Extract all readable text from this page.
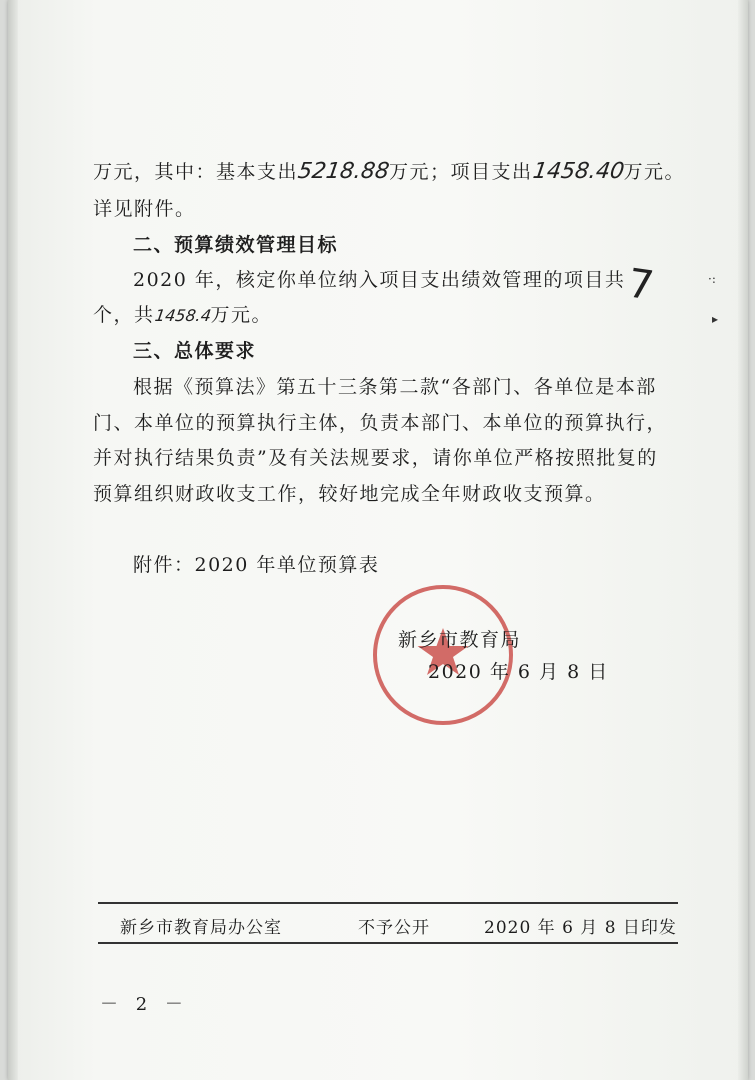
万元，其中：基本支出5218.88万元；项目支出1458.40万元。
详见附件。
二、预算绩效管理目标
2020 年，核定你单位纳入项目支出绩效管理的项目共 7
个，共1458.4万元。
三、总体要求
根据《预算法》第五十三条第二款“各部门、各单位是本部
门、本单位的预算执行主体，负责本部门、本单位的预算执行，
并对执行结果负责”及有关法规要求，请你单位严格按照批复的
预算组织财政收支工作，较好地完成全年财政收支预算。
附件：2020 年单位预算表
新乡市教育局
2020 年 6 月 8 日
·:
▸
新乡市教育局办公室	不予公开	2020 年 6 月 8 日印发
－ 2 －
